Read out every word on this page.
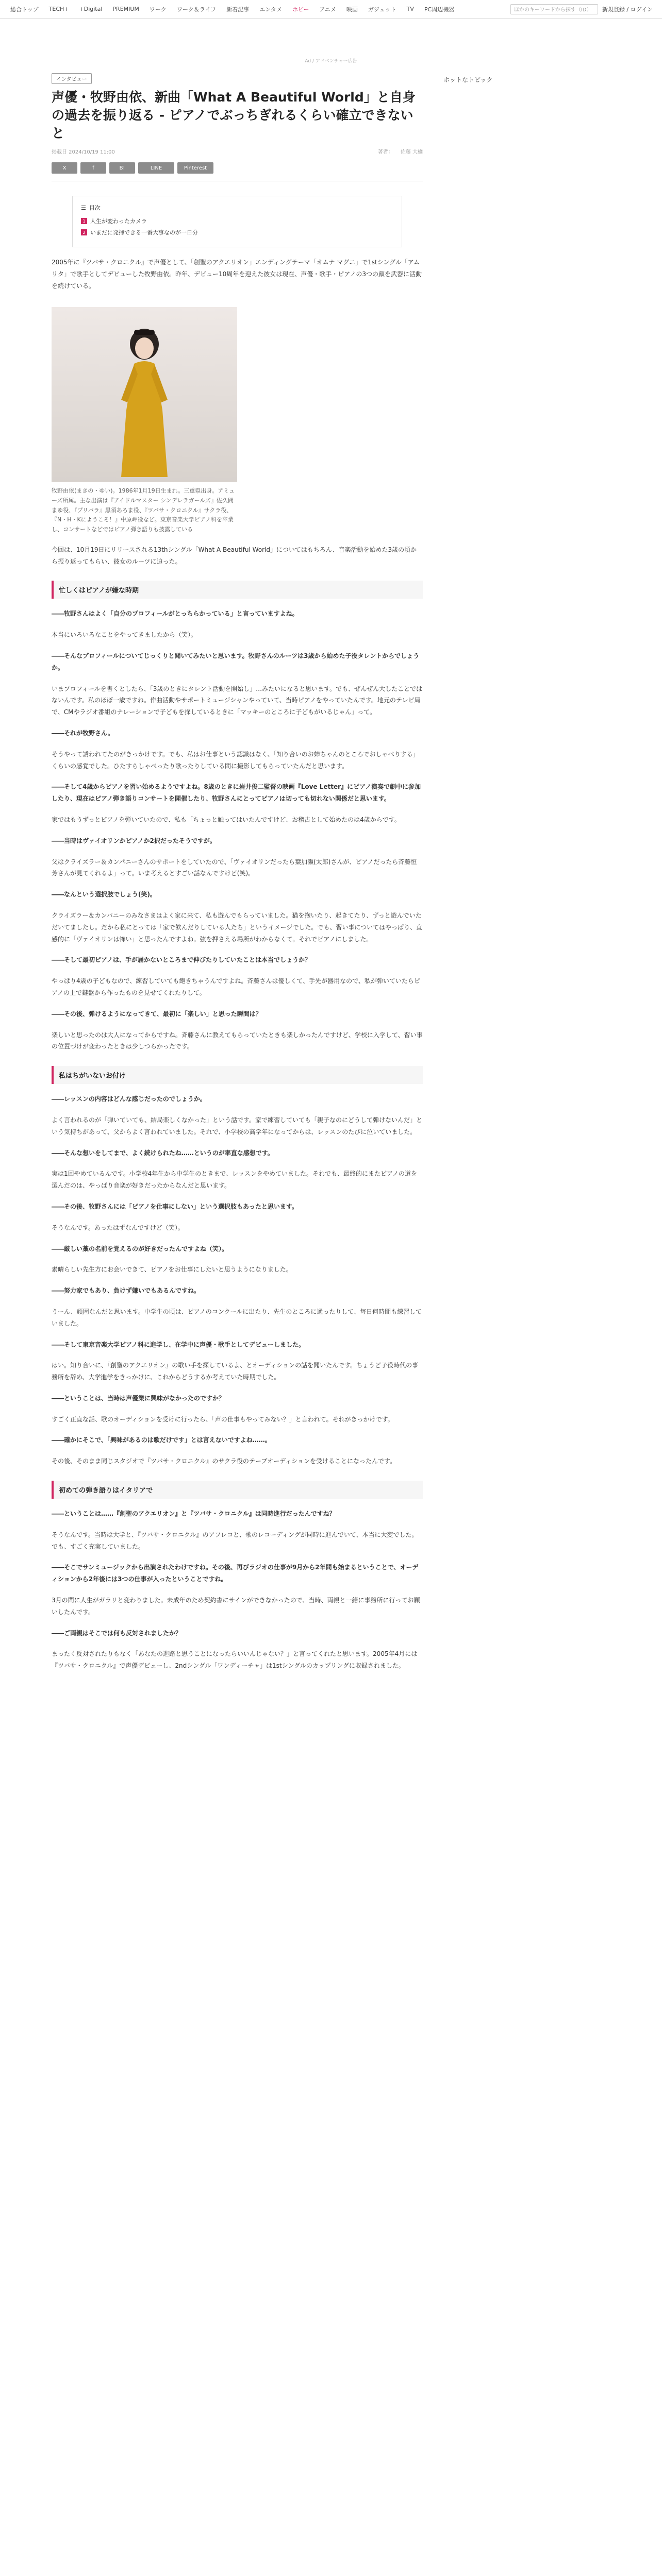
総合トップ	TECH+	+Digital	PREMIUM	ワーク	ワーク＆ライフ	新着記事	エンタメ	ホビー	アニメ	映画	ガジェット	TV	PC周辺機器	ほかのキーワードから探す（ID）	新規登録 / ログイン
Ad / アドベンチャー広告
インタビュー
声優・牧野由依、新曲「What A Beautiful World」と自身の過去を振り返る - ピアノでぶっちぎれるくらい確立できないと
掲載日 2024/10/19 11:00	著者： 佐藤 大橋
X	f	B!	LINE	Pinterest
☰ 目次
1 人生が変わったカメラ
2 いまだに発揮できる一番大事なのが一日分

2005年に『ツバサ・クロニクル』で声優として、「創聖のアクエリオン」エンディングテーマ「オムナ マグニ」で1stシングル「アムリタ」で歌手としてデビューした牧野由依。昨年、デビュー10周年を迎えた彼女は現在、声優・歌手・ピアノの3つの顔を武器に活動を続けている。

牧野由依(まきの・ゆい)。1986年1月19日生まれ。三重県出身。アミューズ所属。主な出演は『アイドルマスター シンデレラガールズ』佐久間まゆ役、『プリパラ』黒須あろま役、『ツバサ・クロニクル』サクラ役、『N・H・Kにようこそ！』中原岬役など。東京音楽大学ピアノ科を卒業し、コンサートなどではピアノ弾き語りも披露している

今回は、10月19日にリリースされる13thシングル「What A Beautiful World」についてはもちろん、音楽活動を始めた3歳の頃から振り返ってもらい、彼女のルーツに迫った。

忙しくはピアノが嫌な時期

――牧野さんはよく「自分のプロフィールがとっちらかっている」と言っていますよね。

本当にいろいろなことをやってきましたから（笑）。

――そんなプロフィールについてじっくりと聞いてみたいと思います。牧野さんのルーツは3歳から始めた子役タレントからでしょうか。

いまプロフィールを書くとしたら、「3歳のときにタレント活動を開始し」…みたいになると思います。でも、ぜんぜん大したことではないんです。私のほぼ一歳ですね。作曲活動やサポートミュージシャンやっていて、当時ピアノをやっていたんです。地元のテレビ局で、CMやラジオ番組のナレーションで子どもを探しているときに「マッキーのところに子どもがいるじゃん」って。

――それが牧野さん。

そうやって誘われてたのがきっかけです。でも、私はお仕事という認識はなく、「知り合いのお姉ちゃんのところでおしゃべりする」くらいの感覚でした。ひたすらしゃべったり歌ったりしている間に撮影してもらっていたんだと思います。

――そして4歳からピアノを習い始めるようですよね。8歳のときに岩井俊二監督の映画『Love Letter』にピアノ演奏で劇中に参加したり、現在はピアノ弾き語りコンサートを開催したり、牧野さんにとってピアノは切っても切れない関係だと思います。

家ではもうずっとピアノを弾いていたので、私も「ちょっと触ってはいたんですけど、お稽古として始めたのは4歳からです。

――当時はヴァイオリンかピアノか2択だったそうですが。

父はクライズラー＆カンパニーさんのサポートをしていたので、「ヴァイオリンだったら葉加瀬(太郎)さんが、ピアノだったら斉藤恒芳さんが見てくれるよ」って。いま考えるとすごい話なんですけど(笑)。

――なんという選択肢でしょう(笑)。

クライズラー＆カンパニーのみなさまはよく家に来て、私も遊んでもらっていました。猫を抱いたり、起きてたり、ずっと遊んでいただいてましたし。だから私にとっては「家で飲んだりしている人たち」というイメージでした。でも、習い事についてはやっぱり、直感的に「ヴァイオリンは怖い」と思ったんですよね。弦を押さえる場所がわからなくて。それでピアノにしました。

――そして最初ピアノは、手が届かないところまで伸びたりしていたことは本当でしょうか？

やっぱり4歳の子どもなので、練習していても飽きちゃうんですよね。斉藤さんは優しくて、手先が器用なので、私が弾いていたらピアノの上で鍵盤から作ったものを見せてくれたりして。

――その後、弾けるようになってきて、最初に「楽しい」と思った瞬間は？

楽しいと思ったのは大人になってからですね。斉藤さんに教えてもらっていたときも楽しかったんですけど、学校に入学して、習い事の位置づけが変わったときは少しつらかったです。

私はちがいないお付け

――レッスンの内容はどんな感じだったのでしょうか。

よく言われるのが「弾いていても、結局楽しくなかった」という話です。家で練習していても「親子なのにどうして弾けないんだ」という気持ちがあって、父からよく言われていました。それで、小学校の高学年になってからは、レッスンのたびに泣いていました。

――そんな想いをしてまで、よく続けられたね……というのが率直な感想です。

実は1回やめているんです。小学校4年生から中学生のときまで、レッスンをやめていました。それでも、最終的にまたピアノの道を選んだのは、やっぱり音楽が好きだったからなんだと思います。

――その後、牧野さんには「ピアノを仕事にしない」という選択肢もあったと思います。

そうなんです。あったはずなんですけど（笑）。

――厳しい藁の名前を覚えるのが好きだったんですよね（笑）。

素晴らしい先生方にお会いできて、ピアノをお仕事にしたいと思うようになりました。

――努力家でもあり、負けず嫌いでもあるんですね。

うーん、頑固なんだと思います。中学生の頃は、ピアノのコンクールに出たり、先生のところに通ったりして、毎日何時間も練習していました。

――そして東京音楽大学ピアノ科に進学し、在学中に声優・歌手としてデビューしました。

はい。知り合いに、『創聖のアクエリオン』の歌い手を探しているよ、とオーディションの話を聞いたんです。ちょうど子役時代の事務所を辞め、大学進学をきっかけに、これからどうするか考えていた時期でした。

――ということは、当時は声優業に興味がなかったのですか？

すごく正直な話、歌のオーディションを受けに行ったら、「声の仕事もやってみない？」と言われて。それがきっかけです。

――確かにそこで、「興味があるのは歌だけです」とは言えないですよね……。

その後、そのまま同じスタジオで『ツバサ・クロニクル』のサクラ役のテープオーディションを受けることになったんです。

初めての弾き語りはイタリアで

――ということは……『創聖のアクエリオン』と『ツバサ・クロニクル』は同時進行だったんですね？

そうなんです。当時は大学と、『ツバサ・クロニクル』のアフレコと、歌のレコーディングが同時に進んでいて、本当に大変でした。でも、すごく充実していました。

――そこでサンミュージックから出演されたわけですね。その後、再びラジオの仕事が9月から2年間も始まるということで、オーディションから2年後には3つの仕事が入ったということですね。

3月の間に人生がガラリと変わりました。未成年のため契約書にサインができなかったので、当時、両親と一緒に事務所に行ってお願いしたんです。

――ご両親はそこでは何も反対されましたか？

まったく反対されたりもなく「あなたの進路と思うことになったらいいんじゃない？」と言ってくれたと思います。2005年4月には『ツバサ・クロニクル』で声優デビューし、2ndシングル「ワンディーチャ」は1stシングルのカップリングに収録されました。

ホットなトピック
